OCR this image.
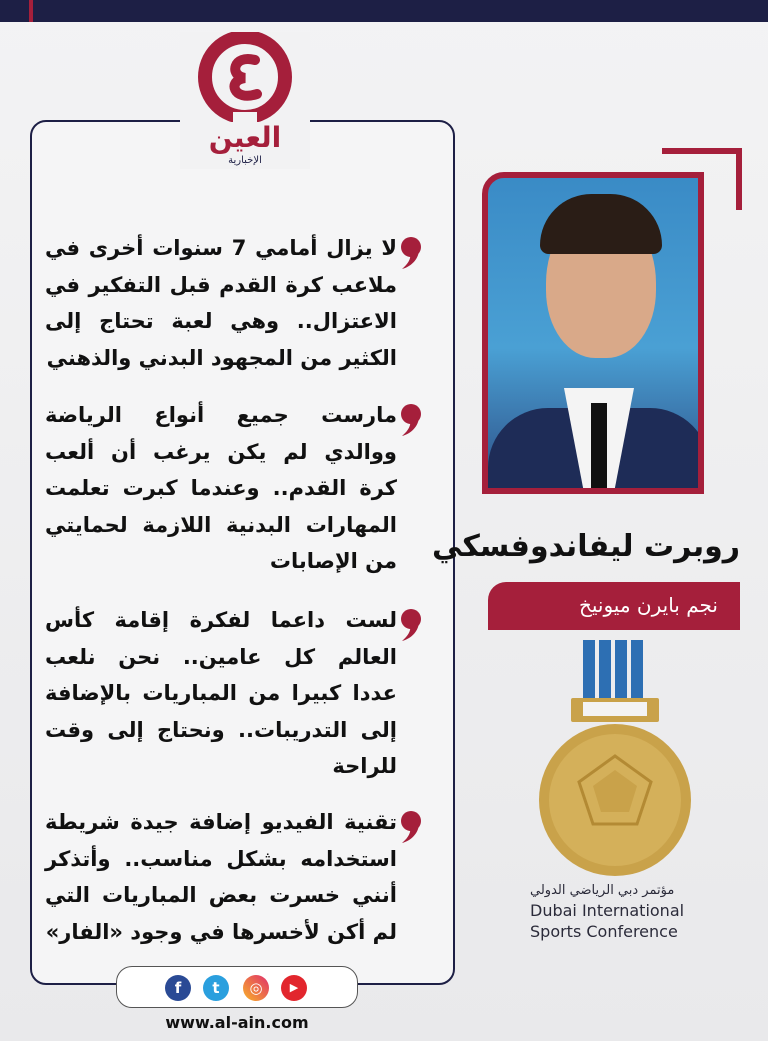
العين
الإخبارية
لا يزال أمامي 7 سنوات أخرى في
ملاعب كرة القدم قبل التفكير في
الاعتزال.. وهي لعبة تحتاج إلى
الكثير من المجهود البدني والذهني
مارست جميع أنواع الرياضة
ووالدي لم يكن يرغب أن ألعب
كرة القدم.. وعندما كبرت تعلمت
المهارات البدنية اللازمة لحمايتي
من الإصابات
لست داعما لفكرة إقامة كأس
العالم كل عامين.. نحن نلعب
عددا كبيرا من المباريات بالإضافة
إلى التدريبات.. ونحتاج إلى وقت
للراحة
تقنية الفيديو إضافة جيدة شريطة
استخدامه بشكل مناسب.. وأتذكر
أنني خسرت بعض المباريات التي
لم أكن لأخسرها في وجود «الفار»
روبرت ليفاندوفسكي
نجم بايرن ميونيخ
مؤتمر دبي الرياضي الدولي
Dubai International
Sports Conference
f	t	◎	▶
www.al-ain.com
